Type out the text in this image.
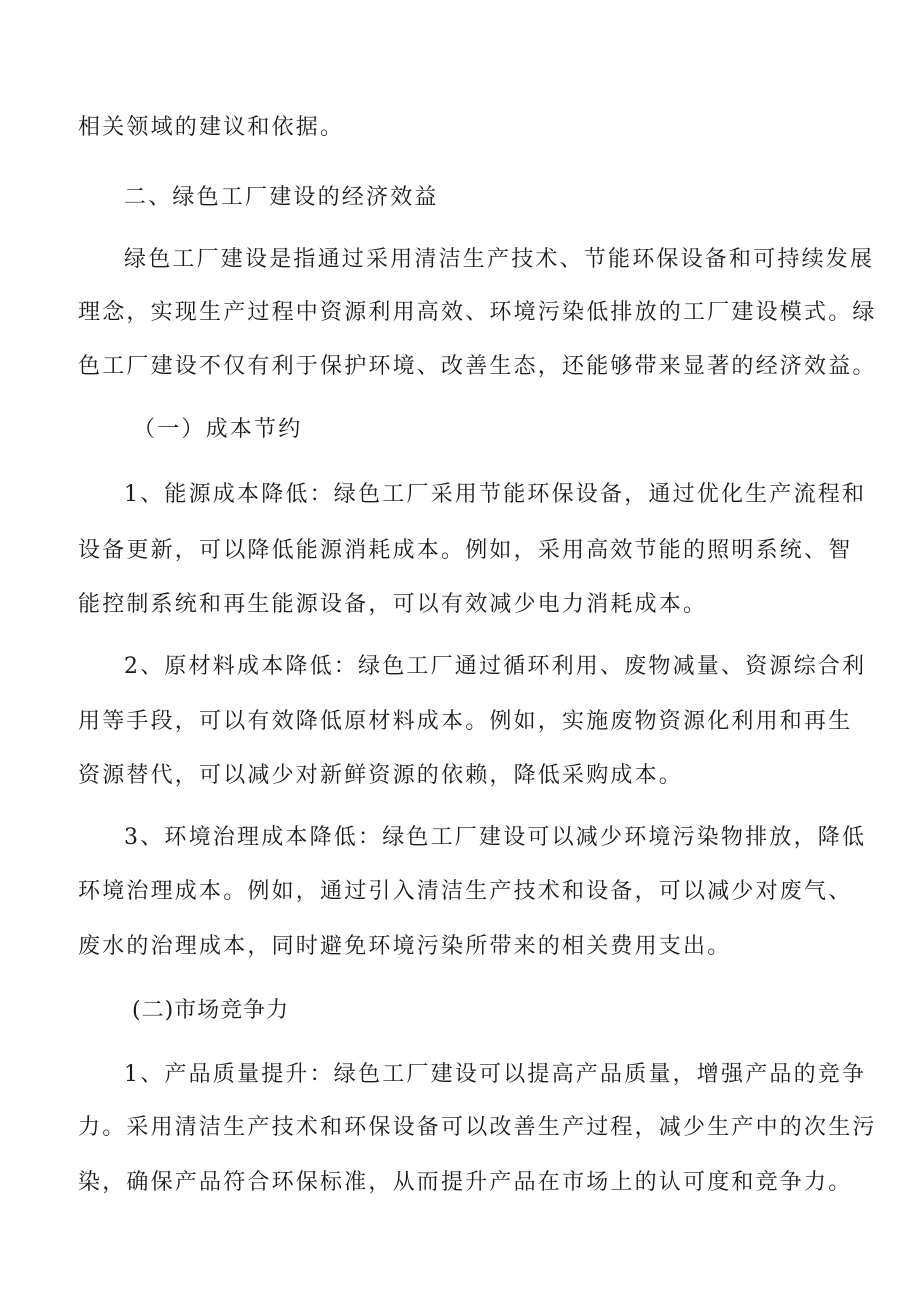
相关领域的建议和依据。
二、绿色工厂建设的经济效益
绿色工厂建设是指通过采用清洁生产技术、节能环保设备和可持续发展
理念，实现生产过程中资源利用高效、环境污染低排放的工厂建设模式。绿
色工厂建设不仅有利于保护环境、改善生态，还能够带来显著的经济效益。
（一）成本节约
1、能源成本降低：绿色工厂采用节能环保设备，通过优化生产流程和
设备更新，可以降低能源消耗成本。例如，采用高效节能的照明系统、智
能控制系统和再生能源设备，可以有效减少电力消耗成本。
2、原材料成本降低：绿色工厂通过循环利用、废物减量、资源综合利
用等手段，可以有效降低原材料成本。例如，实施废物资源化利用和再生
资源替代，可以减少对新鲜资源的依赖，降低采购成本。
3、环境治理成本降低：绿色工厂建设可以减少环境污染物排放，降低
环境治理成本。例如，通过引入清洁生产技术和设备，可以减少对废气、
废水的治理成本，同时避免环境污染所带来的相关费用支出。
(二)市场竞争力
1、产品质量提升：绿色工厂建设可以提高产品质量，增强产品的竞争
力。采用清洁生产技术和环保设备可以改善生产过程，减少生产中的次生污
染，确保产品符合环保标准，从而提升产品在市场上的认可度和竞争力。
